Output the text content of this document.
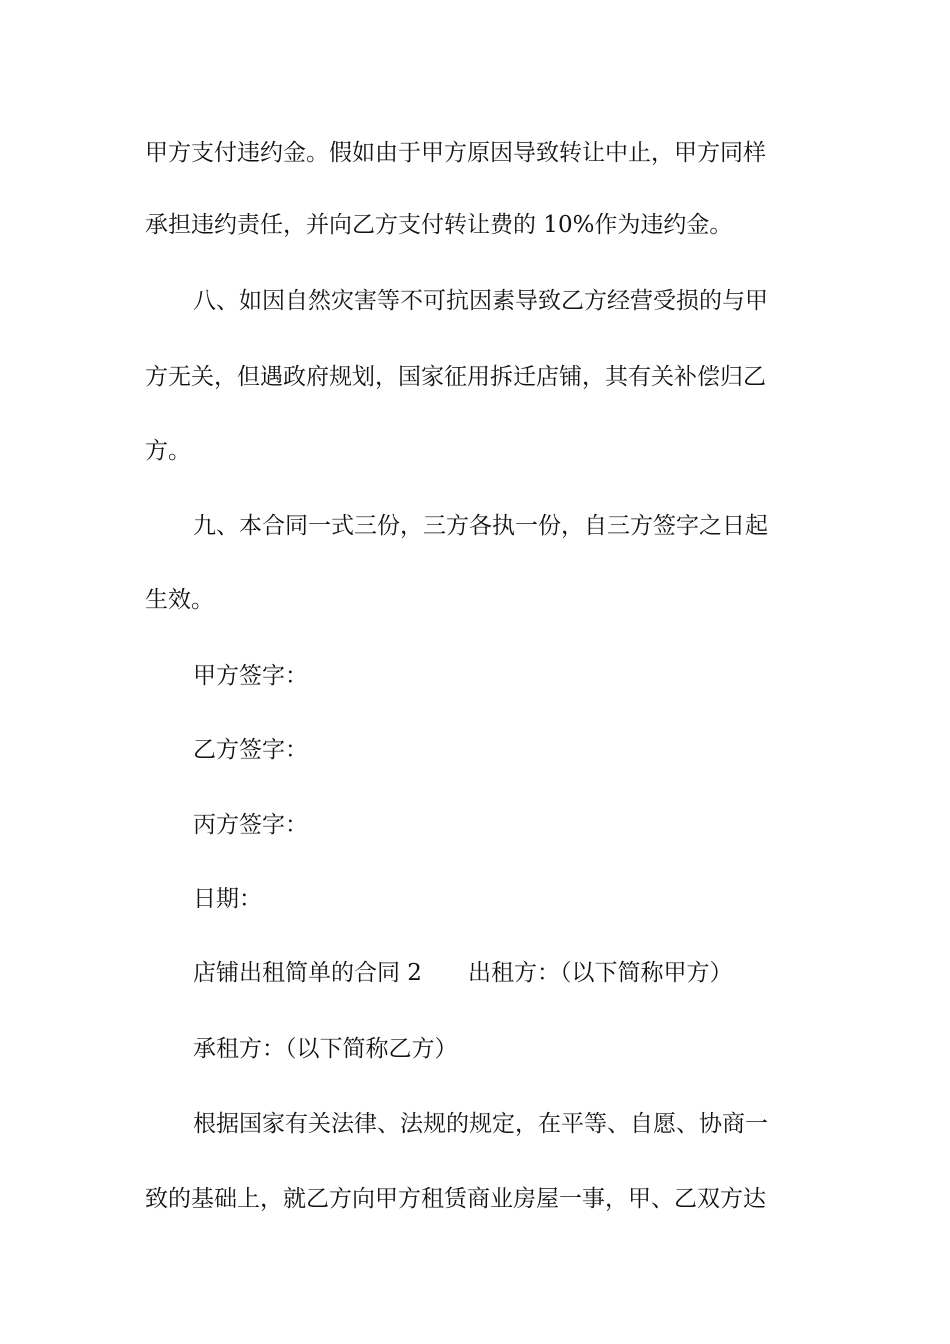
甲方支付违约金。假如由于甲方原因导致转让中止，甲方同样
承担违约责任，并向乙方支付转让费的 10%作为违约金。
八、如因自然灾害等不可抗因素导致乙方经营受损的与甲
方无关，但遇政府规划，国家征用拆迁店铺，其有关补偿归乙
方。
九、本合同一式三份，三方各执一份，自三方签字之日起
生效。
甲方签字：
乙方签字：
丙方签字：
日期：
店铺出租简单的合同 2 出租方：（以下简称甲方）
承租方：（以下简称乙方）
根据国家有关法律、法规的规定，在平等、自愿、协商一
致的基础上，就乙方向甲方租赁商业房屋一事，甲、乙双方达
